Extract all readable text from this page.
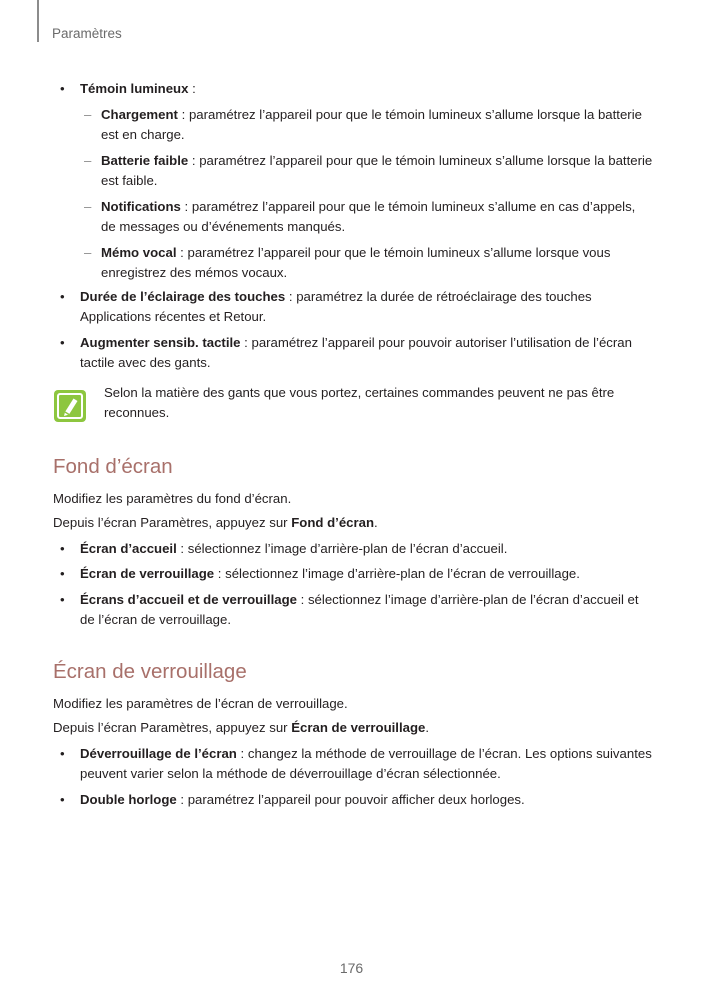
Paramètres
• Témoin lumineux :
– Chargement : paramétrez l’appareil pour que le témoin lumineux s’allume lorsque la batterie est en charge.
– Batterie faible : paramétrez l’appareil pour que le témoin lumineux s’allume lorsque la batterie est faible.
– Notifications : paramétrez l’appareil pour que le témoin lumineux s’allume en cas d’appels, de messages ou d’événements manqués.
– Mémo vocal : paramétrez l’appareil pour que le témoin lumineux s’allume lorsque vous enregistrez des mémos vocaux.
• Durée de l’éclairage des touches : paramétrez la durée de rétroéclairage des touches Applications récentes et Retour.
• Augmenter sensib. tactile : paramétrez l’appareil pour pouvoir autoriser l’utilisation de l’écran tactile avec des gants.
Selon la matière des gants que vous portez, certaines commandes peuvent ne pas être reconnues.
Fond d’écran
Modifiez les paramètres du fond d’écran.
Depuis l’écran Paramètres, appuyez sur Fond d’écran.
• Écran d’accueil : sélectionnez l’image d’arrière-plan de l’écran d’accueil.
• Écran de verrouillage : sélectionnez l’image d’arrière-plan de l’écran de verrouillage.
• Écrans d’accueil et de verrouillage : sélectionnez l’image d’arrière-plan de l’écran d’accueil et de l’écran de verrouillage.
Écran de verrouillage
Modifiez les paramètres de l’écran de verrouillage.
Depuis l’écran Paramètres, appuyez sur Écran de verrouillage.
• Déverrouillage de l’écran : changez la méthode de verrouillage de l’écran. Les options suivantes peuvent varier selon la méthode de déverrouillage d’écran sélectionnée.
• Double horloge : paramétrez l’appareil pour pouvoir afficher deux horloges.
176
